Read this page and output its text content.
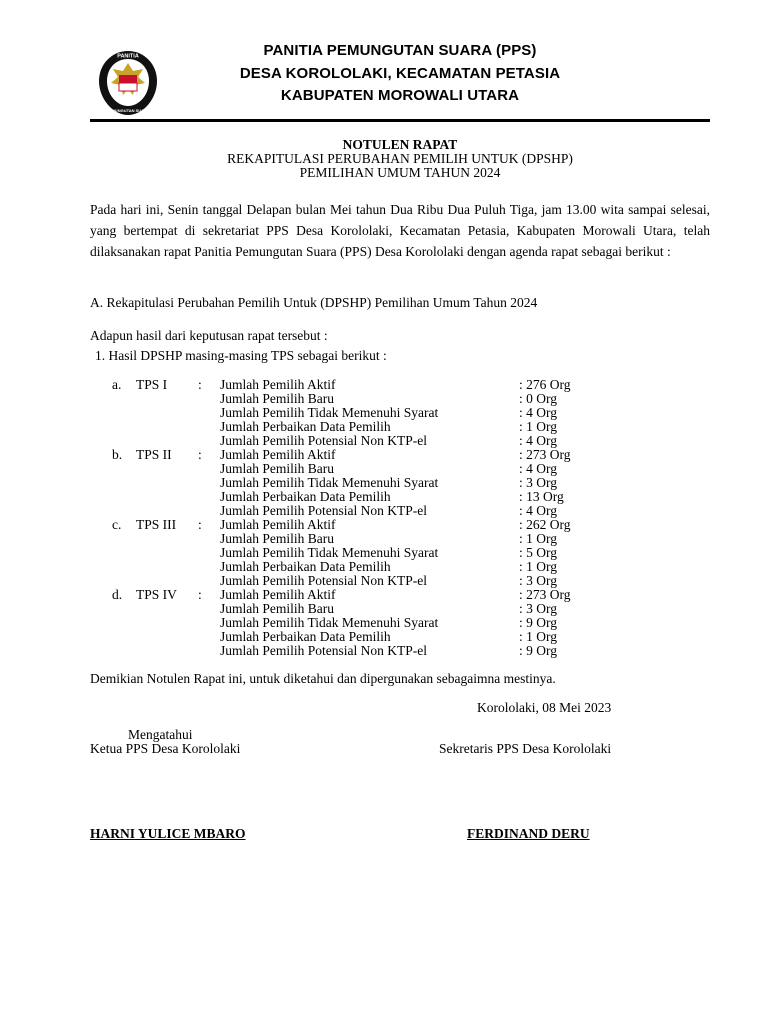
PANITIA
PEMUNGUTAN SUARA
PANITIA PEMUNGUTAN SUARA (PPS)
DESA KOROLOLAKI, KECAMATAN PETASIA
KABUPATEN MOROWALI UTARA
NOTULEN RAPAT
REKAPITULASI PERUBAHAN PEMILIH UNTUK (DPSHP)
PEMILIHAN UMUM TAHUN 2024
Pada hari ini, Senin tanggal Delapan bulan Mei tahun Dua Ribu Dua Puluh Tiga, jam 13.00 wita sampai selesai, yang bertempat di sekretariat PPS Desa Korololaki, Kecamatan Petasia, Kabupaten Morowali Utara, telah dilaksanakan rapat Panitia Pemungutan Suara (PPS) Desa Korololaki dengan agenda rapat sebagai berikut :
A. Rekapitulasi Perubahan Pemilih Untuk (DPSHP) Pemilihan Umum Tahun 2024
Adapun hasil dari keputusan rapat tersebut :
1. Hasil DPSHP masing-masing TPS sebagai berikut :
a. TPS I : Jumlah Pemilih Aktif	: 276 Org
Jumlah Pemilih Baru	: 0 Org
Jumlah Pemilih Tidak Memenuhi Syarat	: 4 Org
Jumlah Perbaikan Data Pemilih	: 1 Org
Jumlah Pemilih Potensial Non KTP-el	: 4 Org
b. TPS II : Jumlah Pemilih Aktif	: 273 Org
Jumlah Pemilih Baru	: 4 Org
Jumlah Pemilih Tidak Memenuhi Syarat	: 3 Org
Jumlah Perbaikan Data Pemilih	: 13 Org
Jumlah Pemilih Potensial Non KTP-el	: 4 Org
c. TPS III : Jumlah Pemilih Aktif	: 262 Org
Jumlah Pemilih Baru	: 1 Org
Jumlah Pemilih Tidak Memenuhi Syarat	: 5 Org
Jumlah Perbaikan Data Pemilih	: 1 Org
Jumlah Pemilih Potensial Non KTP-el	: 3 Org
d. TPS IV : Jumlah Pemilih Aktif	: 273 Org
Jumlah Pemilih Baru	: 3 Org
Jumlah Pemilih Tidak Memenuhi Syarat	: 9 Org
Jumlah Perbaikan Data Pemilih	: 1 Org
Jumlah Pemilih Potensial Non KTP-el	: 9 Org
Demikian Notulen Rapat ini, untuk diketahui dan dipergunakan sebagaimna mestinya.
Korololaki, 08 Mei 2023
Mengatahui
Ketua PPS Desa Korololaki	Sekretaris PPS Desa Korololaki
HARNI YULICE MBARO	FERDINAND DERU
